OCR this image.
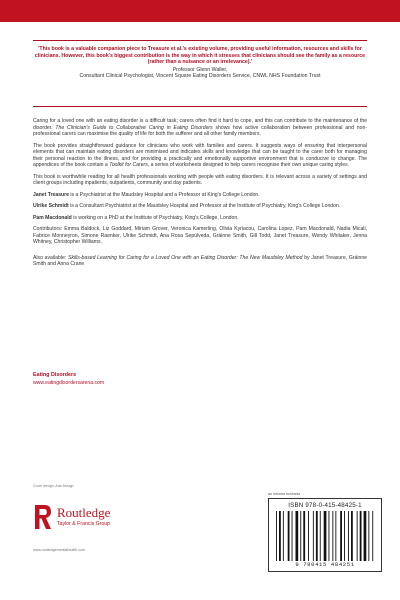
'This book is a valuable companion piece to Treasure et al.'s existing volume, providing useful information, resources and skills for clinicians. However, this book's biggest contribution is the way in which it stresses that clinicians should see the family as a resource (rather than a nuisance or an irrelevance).'
Professor Glenn Waller,
Consultant Clinical Psychologist, Vincent Square Eating Disorders Service, CNWL NHS Foundation Trust

Caring for a loved one with an eating disorder is a difficult task; carers often find it hard to cope, and this can contribute to the maintenance of the disorder. The Clinician's Guide to Collaborative Caring in Eating Disorders shows how active collaboration between professional and non-professional carers can maximise the quality of life for both the sufferer and all other family members.

The book provides straightforward guidance for clinicians who work with families and carers. It suggests ways of ensuring that interpersonal elements that can maintain eating disorders are minimised and indicates skills and knowledge that can be taught to the carer both for managing their personal reaction to the illness, and for providing a practically and emotionally supportive environment that is conducive to change. The appendices of the book contain a Toolkit for Carers, a series of worksheets designed to help carers recognise their own unique caring styles.

This book is worthwhile reading for all health professionals working with people with eating disorders. It is relevant across a variety of settings and client groups including inpatients, outpatients, community and day patients.

Janet Treasure is a Psychiatrist at the Maudsley Hospital and a Professor at King's College London.

Ulrike Schmidt is a Consultant Psychiatrist at the Maudsley Hospital and Professor at the Institute of Psychiatry, King's College London.

Pam Macdonald is working on a PhD at the Institute of Psychiatry, King's College, London.

Contributors: Emma Baldock, Liz Goddard, Miriam Grover, Veronica Kamerling, Olivia Kyriacou, Carolina Lopez, Pam Macdonald, Nadia Micali, Fabrice Monneyron, Simone Raenker, Ulrike Schmidt, Ana Rosa Sepúlveda, Gráinne Smith, Gill Todd, Janet Treasure, Wendy Whitaker, Jenna Whitney, Christopher Williams.

Also available: Skills-based Learning for Caring for a Loved One with an Eating Disorder: The New Maudsley Method by Janet Treasure, Gráinne Smith and Anna Crane

Eating Disorders
www.eatingdisordersarena.com
Cover design: Aria Design
Routledge
Taylor & Francis Group
www.routledgementalhealth.com
an informa business
ISBN 978-0-415-48425-1
9 780415 484251
